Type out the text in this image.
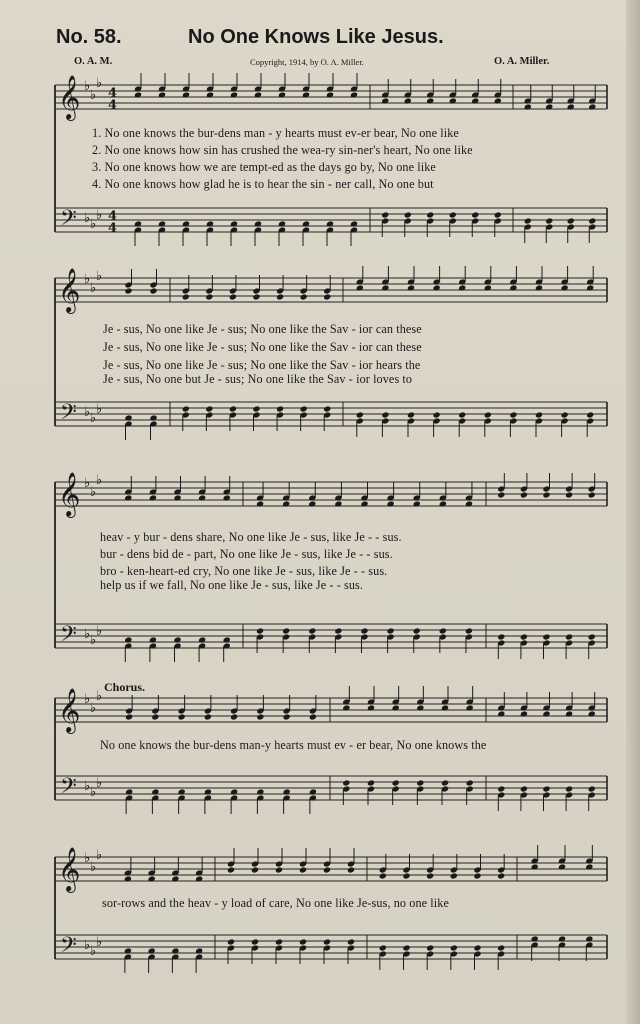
No. 58.	No One Knows Like Jesus.
O. A. M.	Copyright, 1914, by O. A. Miller.	O. A. Miller.
𝄞
𝄢
♭
♭
♭
♭ ♭
♭
4
4
4
4
𝄞
𝄢
♭
♭
♭
♭ ♭
♭
𝄞
𝄢
♭
♭
♭
♭ ♭
♭
𝄞
𝄢
♭
♭
♭
♭ ♭
♭
𝄞
𝄢
♭
♭
♭
♭ ♭
♭
1. No one knows the bur-dens man - y hearts must ev-er bear, No one like
2. No one knows how sin has crushed the wea-ry sin-ner's heart, No one like
3. No one knows how we are tempt-ed as the days go by, No one like
4. No one knows how glad he is to hear the sin - ner call, No one but
Je - sus, No one like Je - sus; No one like the Sav - ior can these
Je - sus, No one like Je - sus; No one like the Sav - ior can these
Je - sus, No one like Je - sus; No one like the Sav - ior hears the
Je - sus, No one but Je - sus; No one like the Sav - ior loves to
heav - y bur - dens share, No one like Je - sus, like Je - - sus.
bur - dens bid de - part, No one like Je - sus, like Je - - sus.
bro - ken-heart-ed cry, No one like Je - sus, like Je - - sus.
help us if we fall, No one like Je - sus, like Je - - sus.
Chorus.
No one knows the bur-dens man-y hearts must ev - er bear, No one knows the
sor-rows and the heav - y load of care, No one like Je-sus, no one like
